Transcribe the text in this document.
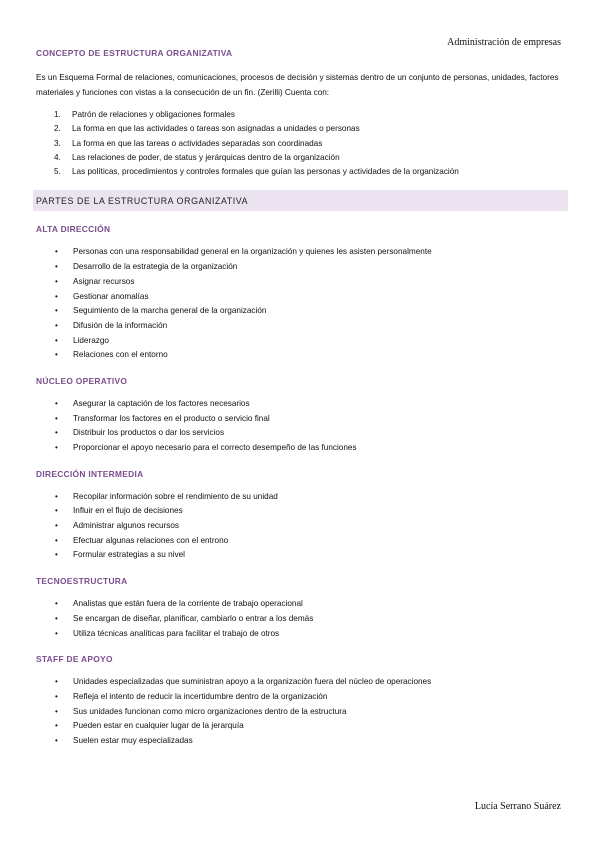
Administración de empresas
CONCEPTO DE ESTRUCTURA ORGANIZATIVA
Es un Esquema Formal de relaciones, comunicaciones, procesos de decisión y sistemas dentro de un conjunto de personas, unidades, factores materiales y funciones con vistas a la consecución de un fin. (Zerilli) Cuenta con:
1.	Patrón de relaciones y obligaciones formales
2.	La forma en que las actividades o tareas son asignadas a unidades o personas
3.	La forma en que las tareas o actividades separadas son coordinadas
4.	Las relaciones de poder, de status y jerárquicas dentro de la organización
5.	Las políticas, procedimientos y controles formales que guían las personas y actividades de la organización
PARTES DE LA ESTRUCTURA ORGANIZATIVA
ALTA DIRECCIÓN
•	Personas con una responsabilidad general en la organización y quienes les asisten personalmente
•	Desarrollo de la estrategia de la organización
•	Asignar recursos
•	Gestionar anomalías
•	Seguimiento de la marcha general de la organización
•	Difusión de la información
•	Liderazgo
•	Relaciones con el entorno
NÚCLEO OPERATIVO
•	Asegurar la captación de los factores necesarios
•	Transformar los factores en el producto o servicio final
•	Distribuir los productos o dar los servicios
•	Proporcionar el apoyo necesario para el correcto desempeño de las funciones
DIRECCIÓN INTERMEDIA
•	Recopilar información sobre el rendimiento de su unidad
•	Influir en el flujo de decisiones
•	Administrar algunos recursos
•	Efectuar algunas relaciones con el entrono
•	Formular estrategias a su nivel
TECNOESTRUCTURA
•	Analistas que están fuera de la corriente de trabajo operacional
•	Se encargan de diseñar, planificar, cambiarlo o entrar a los demás
•	Utiliza técnicas analíticas para facilitar el trabajo de otros
STAFF DE APOYO
•	Unidades especializadas que suministran apoyo a la organización fuera del núcleo de operaciones
•	Refleja el intento de reducir la incertidumbre dentro de la organización
•	Sus unidades funcionan como micro organizaciones dentro de la estructura
•	Pueden estar en cualquier lugar de la jerarquía
•	Suelen estar muy especializadas
Lucía Serrano Suárez
